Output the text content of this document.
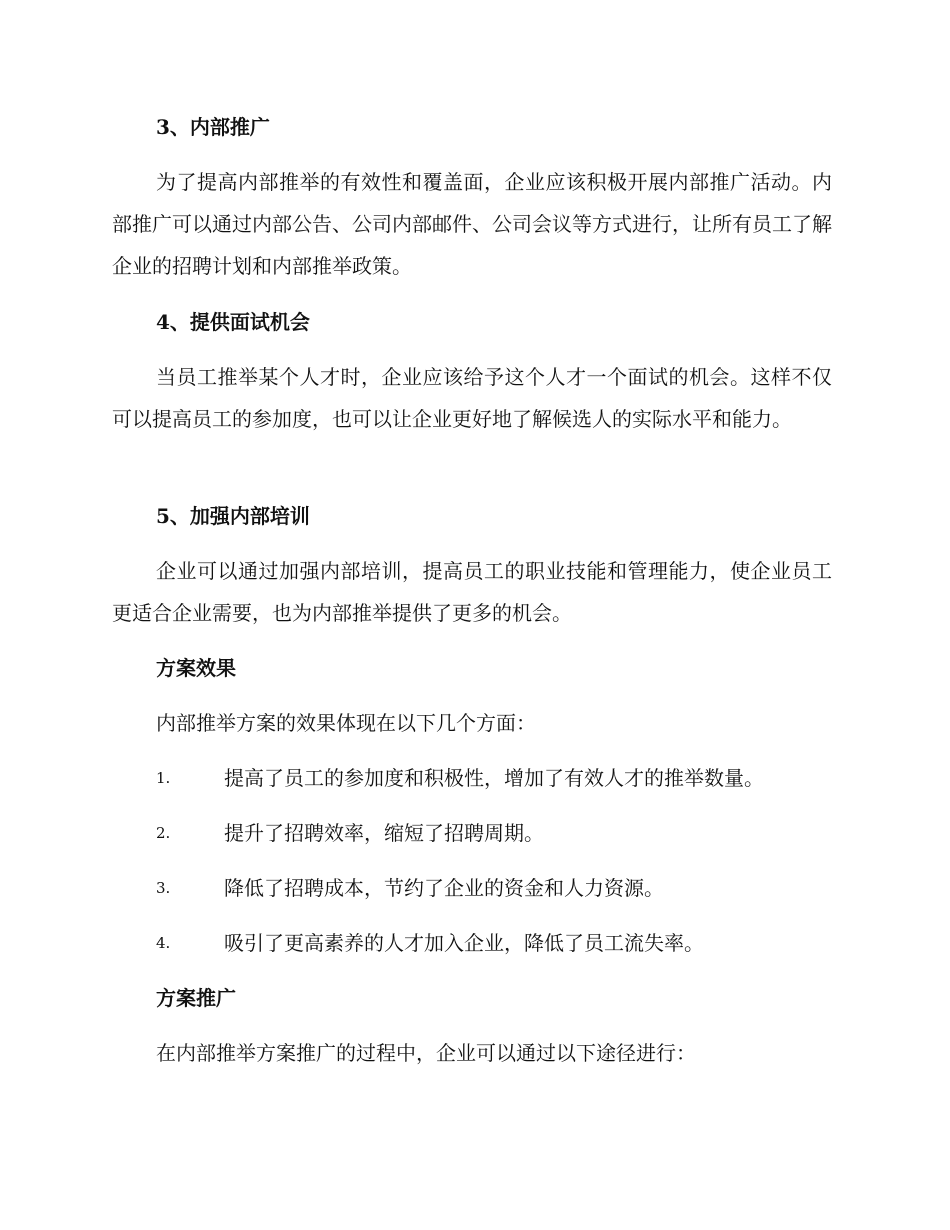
3、内部推广
为了提高内部推举的有效性和覆盖面，企业应该积极开展内部推广活动。内部推广可以通过内部公告、公司内部邮件、公司会议等方式进行，让所有员工了解企业的招聘计划和内部推举政策。
4、提供面试机会
当员工推举某个人才时，企业应该给予这个人才一个面试的机会。这样不仅可以提高员工的参加度，也可以让企业更好地了解候选人的实际水平和能力。
5、加强内部培训
企业可以通过加强内部培训，提高员工的职业技能和管理能力，使企业员工更适合企业需要，也为内部推举提供了更多的机会。
方案效果
内部推举方案的效果体现在以下几个方面：
1.	提高了员工的参加度和积极性，增加了有效人才的推举数量。
2.	提升了招聘效率，缩短了招聘周期。
3.	降低了招聘成本，节约了企业的资金和人力资源。
4.	吸引了更高素养的人才加入企业，降低了员工流失率。
方案推广
在内部推举方案推广的过程中，企业可以通过以下途径进行：
